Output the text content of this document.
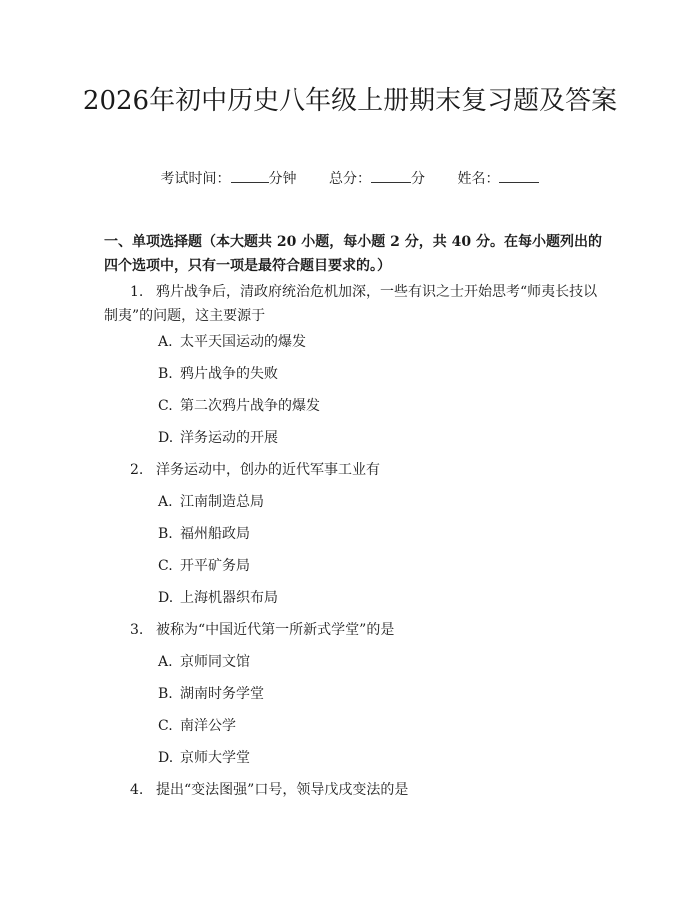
2026年初中历史八年级上册期末复习题及答案
考试时间：	分钟 总分：	分 姓名：

一、单项选择题（本大题共 20 小题，每小题 2 分，共 40 分。在每小题列出的四个选项中，只有一项是最符合题目要求的。）

1. 鸦片战争后，清政府统治危机加深，一些有识之士开始思考“师夷长技以制夷”的问题，这主要源于
A. 太平天国运动的爆发
B. 鸦片战争的失败
C. 第二次鸦片战争的爆发
D. 洋务运动的开展
2. 洋务运动中，创办的近代军事工业有
A. 江南制造总局
B. 福州船政局
C. 开平矿务局
D. 上海机器织布局
3. 被称为“中国近代第一所新式学堂”的是
A. 京师同文馆
B. 湖南时务学堂
C. 南洋公学
D. 京师大学堂
4. 提出“变法图强”口号，领导戊戌变法的是
